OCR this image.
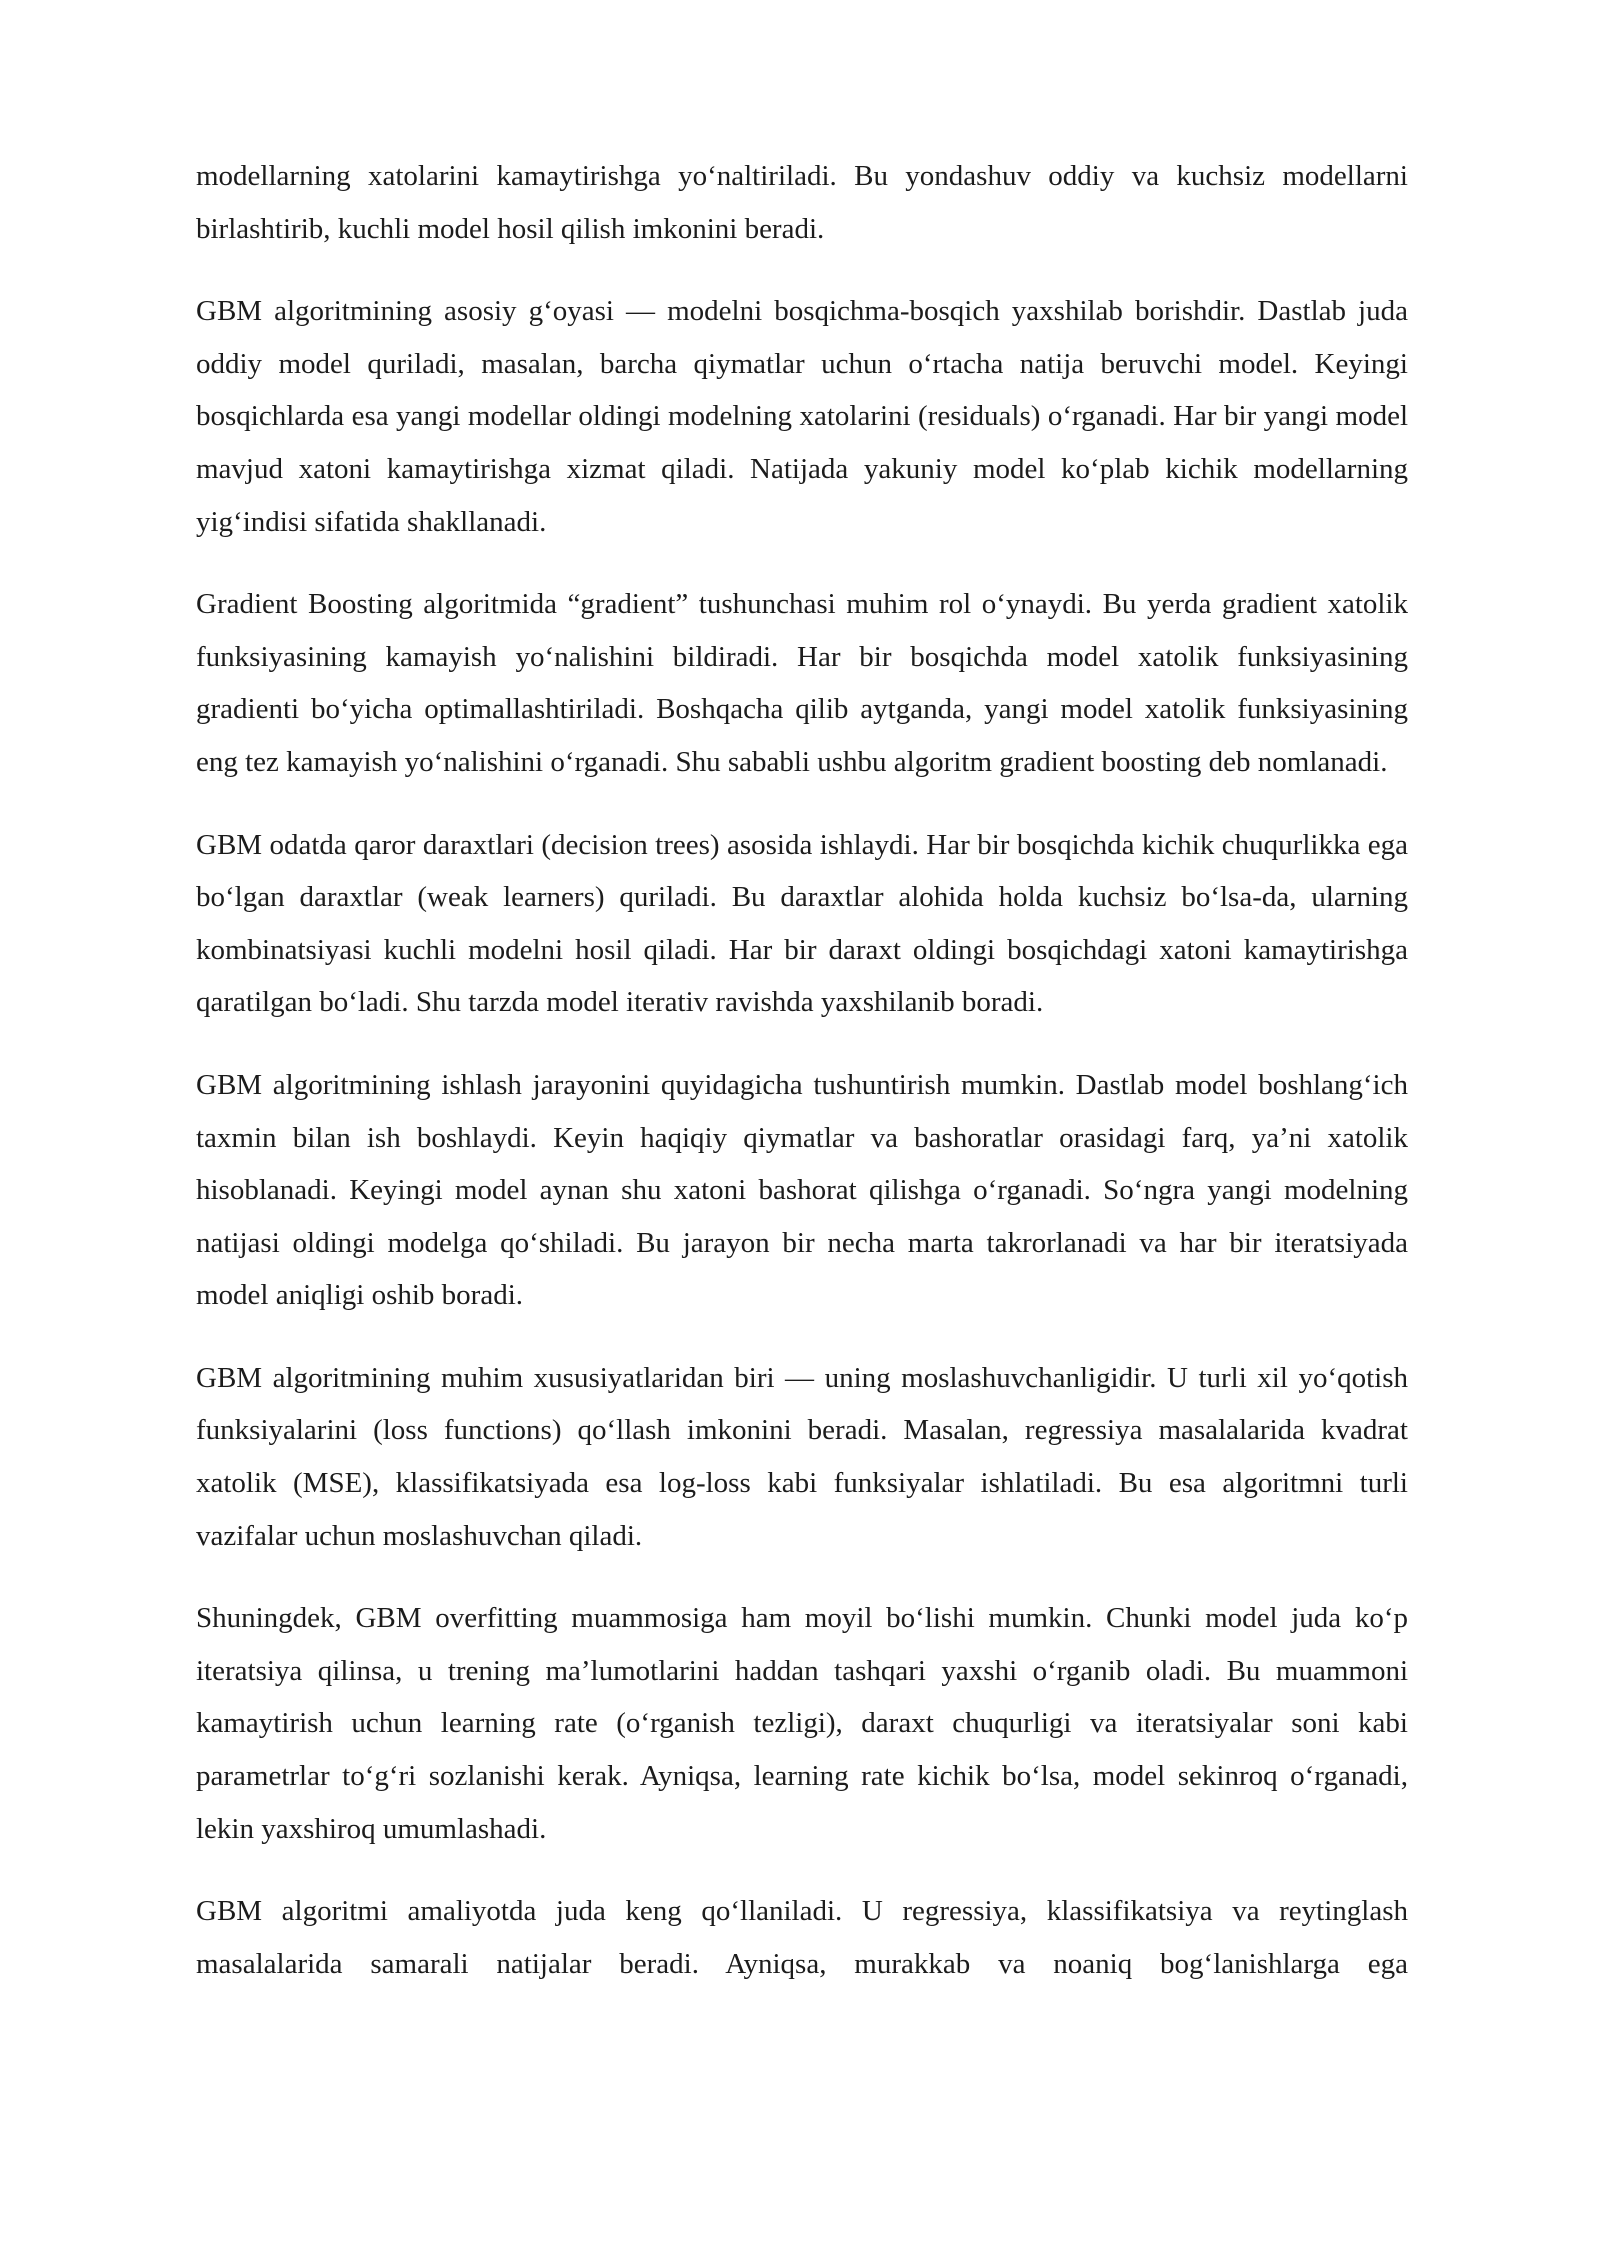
modellarning xatolarini kamaytirishga yo‘naltiriladi. Bu yondashuv oddiy va kuchsiz modellarni birlashtirib, kuchli model hosil qilish imkonini beradi.

GBM algoritmining asosiy g‘oyasi — modelni bosqichma-bosqich yaxshilab borishdir. Dastlab juda oddiy model quriladi, masalan, barcha qiymatlar uchun o‘rtacha natija beruvchi model. Keyingi bosqichlarda esa yangi modellar oldingi modelning xatolarini (residuals) o‘rganadi. Har bir yangi model mavjud xatoni kamaytirishga xizmat qiladi. Natijada yakuniy model ko‘plab kichik modellarning yig‘indisi sifatida shakllanadi.

Gradient Boosting algoritmida “gradient” tushunchasi muhim rol o‘ynaydi. Bu yerda gradient xatolik funksiyasining kamayish yo‘nalishini bildiradi. Har bir bosqichda model xatolik funksiyasining gradienti bo‘yicha optimallashtiriladi. Boshqacha qilib aytganda, yangi model xatolik funksiyasining eng tez kamayish yo‘nalishini o‘rganadi. Shu sababli ushbu algoritm gradient boosting deb nomlanadi.

GBM odatda qaror daraxtlari (decision trees) asosida ishlaydi. Har bir bosqichda kichik chuqurlikka ega bo‘lgan daraxtlar (weak learners) quriladi. Bu daraxtlar alohida holda kuchsiz bo‘lsa-da, ularning kombinatsiyasi kuchli modelni hosil qiladi. Har bir daraxt oldingi bosqichdagi xatoni kamaytirishga qaratilgan bo‘ladi. Shu tarzda model iterativ ravishda yaxshilanib boradi.

GBM algoritmining ishlash jarayonini quyidagicha tushuntirish mumkin. Dastlab model boshlang‘ich taxmin bilan ish boshlaydi. Keyin haqiqiy qiymatlar va bashoratlar orasidagi farq, ya’ni xatolik hisoblanadi. Keyingi model aynan shu xatoni bashorat qilishga o‘rganadi. So‘ngra yangi modelning natijasi oldingi modelga qo‘shiladi. Bu jarayon bir necha marta takrorlanadi va har bir iteratsiyada model aniqligi oshib boradi.

GBM algoritmining muhim xususiyatlaridan biri — uning moslashuvchanligidir. U turli xil yo‘qotish funksiyalarini (loss functions) qo‘llash imkonini beradi. Masalan, regressiya masalalarida kvadrat xatolik (MSE), klassifikatsiyada esa log-loss kabi funksiyalar ishlatiladi. Bu esa algoritmni turli vazifalar uchun moslashuvchan qiladi.

Shuningdek, GBM overfitting muammosiga ham moyil bo‘lishi mumkin. Chunki model juda ko‘p iteratsiya qilinsa, u trening ma’lumotlarini haddan tashqari yaxshi o‘rganib oladi. Bu muammoni kamaytirish uchun learning rate (o‘rganish tezligi), daraxt chuqurligi va iteratsiyalar soni kabi parametrlar to‘g‘ri sozlanishi kerak. Ayniqsa, learning rate kichik bo‘lsa, model sekinroq o‘rganadi, lekin yaxshiroq umumlashadi.

GBM algoritmi amaliyotda juda keng qo‘llaniladi. U regressiya, klassifikatsiya va reytinglash masalalarida samarali natijalar beradi. Ayniqsa, murakkab va noaniq bog‘lanishlarga ega
